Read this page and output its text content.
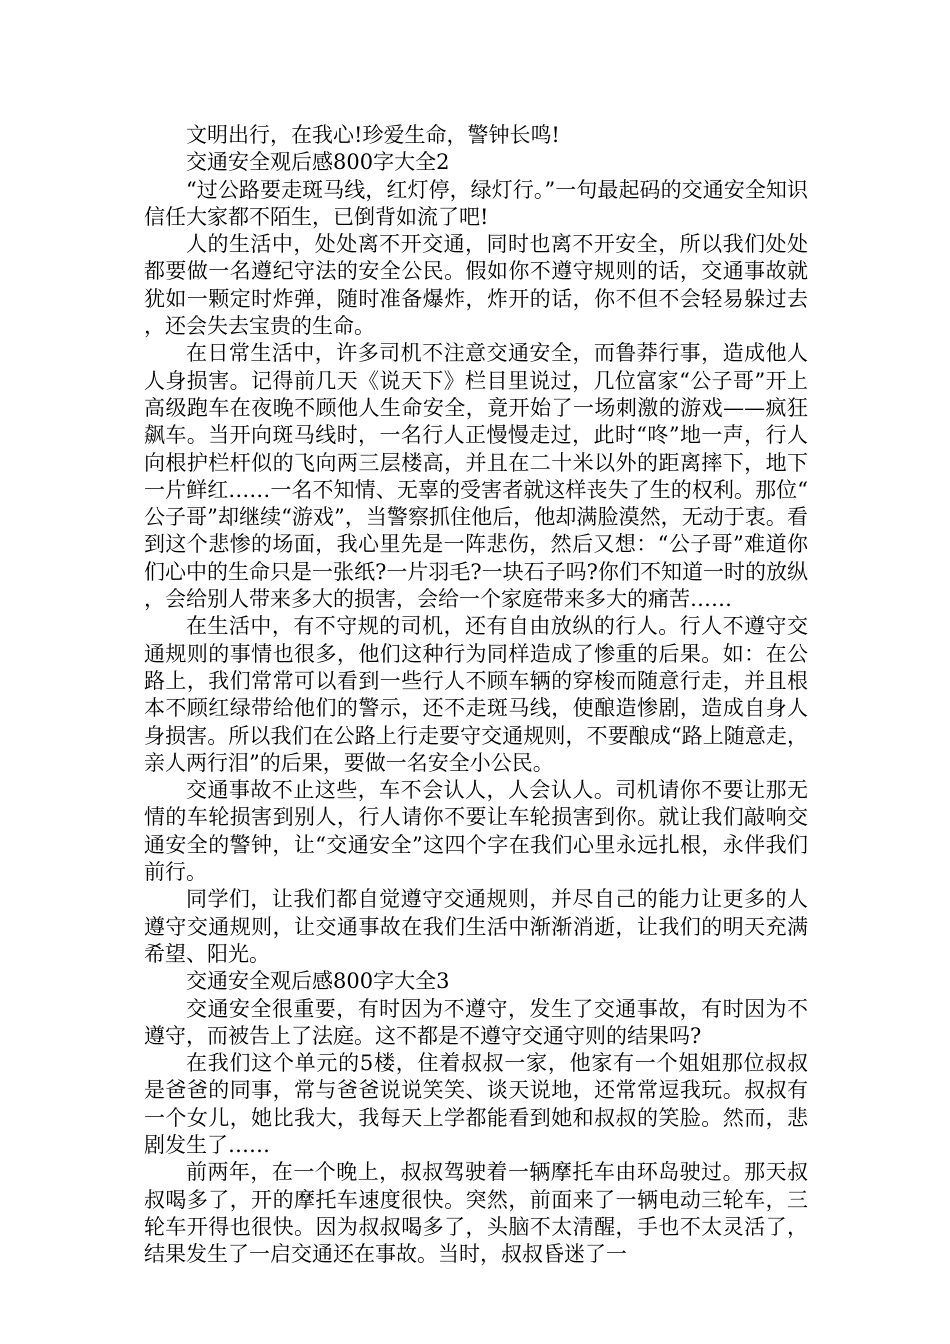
文明出行，在我心!珍爱生命，警钟长鸣!

交通安全观后感800字大全2

“过公路要走斑马线，红灯停，绿灯行。”一句最起码的交通安全知识信任大家都不陌生，已倒背如流了吧!

人的生活中，处处离不开交通，同时也离不开安全，所以我们处处都要做一名遵纪守法的安全公民。假如你不遵守规则的话，交通事故就犹如一颗定时炸弹，随时准备爆炸，炸开的话，你不但不会轻易躲过去，还会失去宝贵的生命。

在日常生活中，许多司机不注意交通安全，而鲁莽行事，造成他人人身损害。记得前几天《说天下》栏目里说过，几位富家“公子哥”开上高级跑车在夜晚不顾他人生命安全，竟开始了一场刺激的游戏——疯狂飙车。当开向斑马线时，一名行人正慢慢走过，此时“咚”地一声，行人向根护栏杆似的飞向两三层楼高，并且在二十米以外的距离摔下，地下一片鲜红……一名不知情、无辜的受害者就这样丧失了生的权利。那位“公子哥”却继续“游戏”，当警察抓住他后，他却满脸漠然，无动于衷。看到这个悲惨的场面，我心里先是一阵悲伤，然后又想：“公子哥”难道你们心中的生命只是一张纸?一片羽毛?一块石子吗?你们不知道一时的放纵，会给别人带来多大的损害，会给一个家庭带来多大的痛苦……

在生活中，有不守规的司机，还有自由放纵的行人。行人不遵守交通规则的事情也很多，他们这种行为同样造成了惨重的后果。如：在公路上，我们常常可以看到一些行人不顾车辆的穿梭而随意行走，并且根本不顾红绿带给他们的警示，还不走斑马线，使酿造惨剧，造成自身人身损害。所以我们在公路上行走要守交通规则，不要酿成“路上随意走，亲人两行泪”的后果，要做一名安全小公民。

交通事故不止这些，车不会认人，人会认人。司机请你不要让那无情的车轮损害到别人，行人请你不要让车轮损害到你。就让我们敲响交通安全的警钟，让“交通安全”这四个字在我们心里永远扎根，永伴我们前行。

同学们，让我们都自觉遵守交通规则，并尽自己的能力让更多的人遵守交通规则，让交通事故在我们生活中渐渐消逝，让我们的明天充满希望、阳光。

交通安全观后感800字大全3

交通安全很重要，有时因为不遵守，发生了交通事故，有时因为不遵守，而被告上了法庭。这不都是不遵守交通守则的结果吗?

在我们这个单元的5楼，住着叔叔一家，他家有一个姐姐那位叔叔是爸爸的同事，常与爸爸说说笑笑、谈天说地，还常常逗我玩。叔叔有一个女儿，她比我大，我每天上学都能看到她和叔叔的笑脸。然而，悲剧发生了……

前两年，在一个晚上，叔叔驾驶着一辆摩托车由环岛驶过。那天叔叔喝多了，开的摩托车速度很快。突然，前面来了一辆电动三轮车，三轮车开得也很快。因为叔叔喝多了，头脑不太清醒，手也不太灵活了，结果发生了一启交通还在事故。当时，叔叔昏迷了一
